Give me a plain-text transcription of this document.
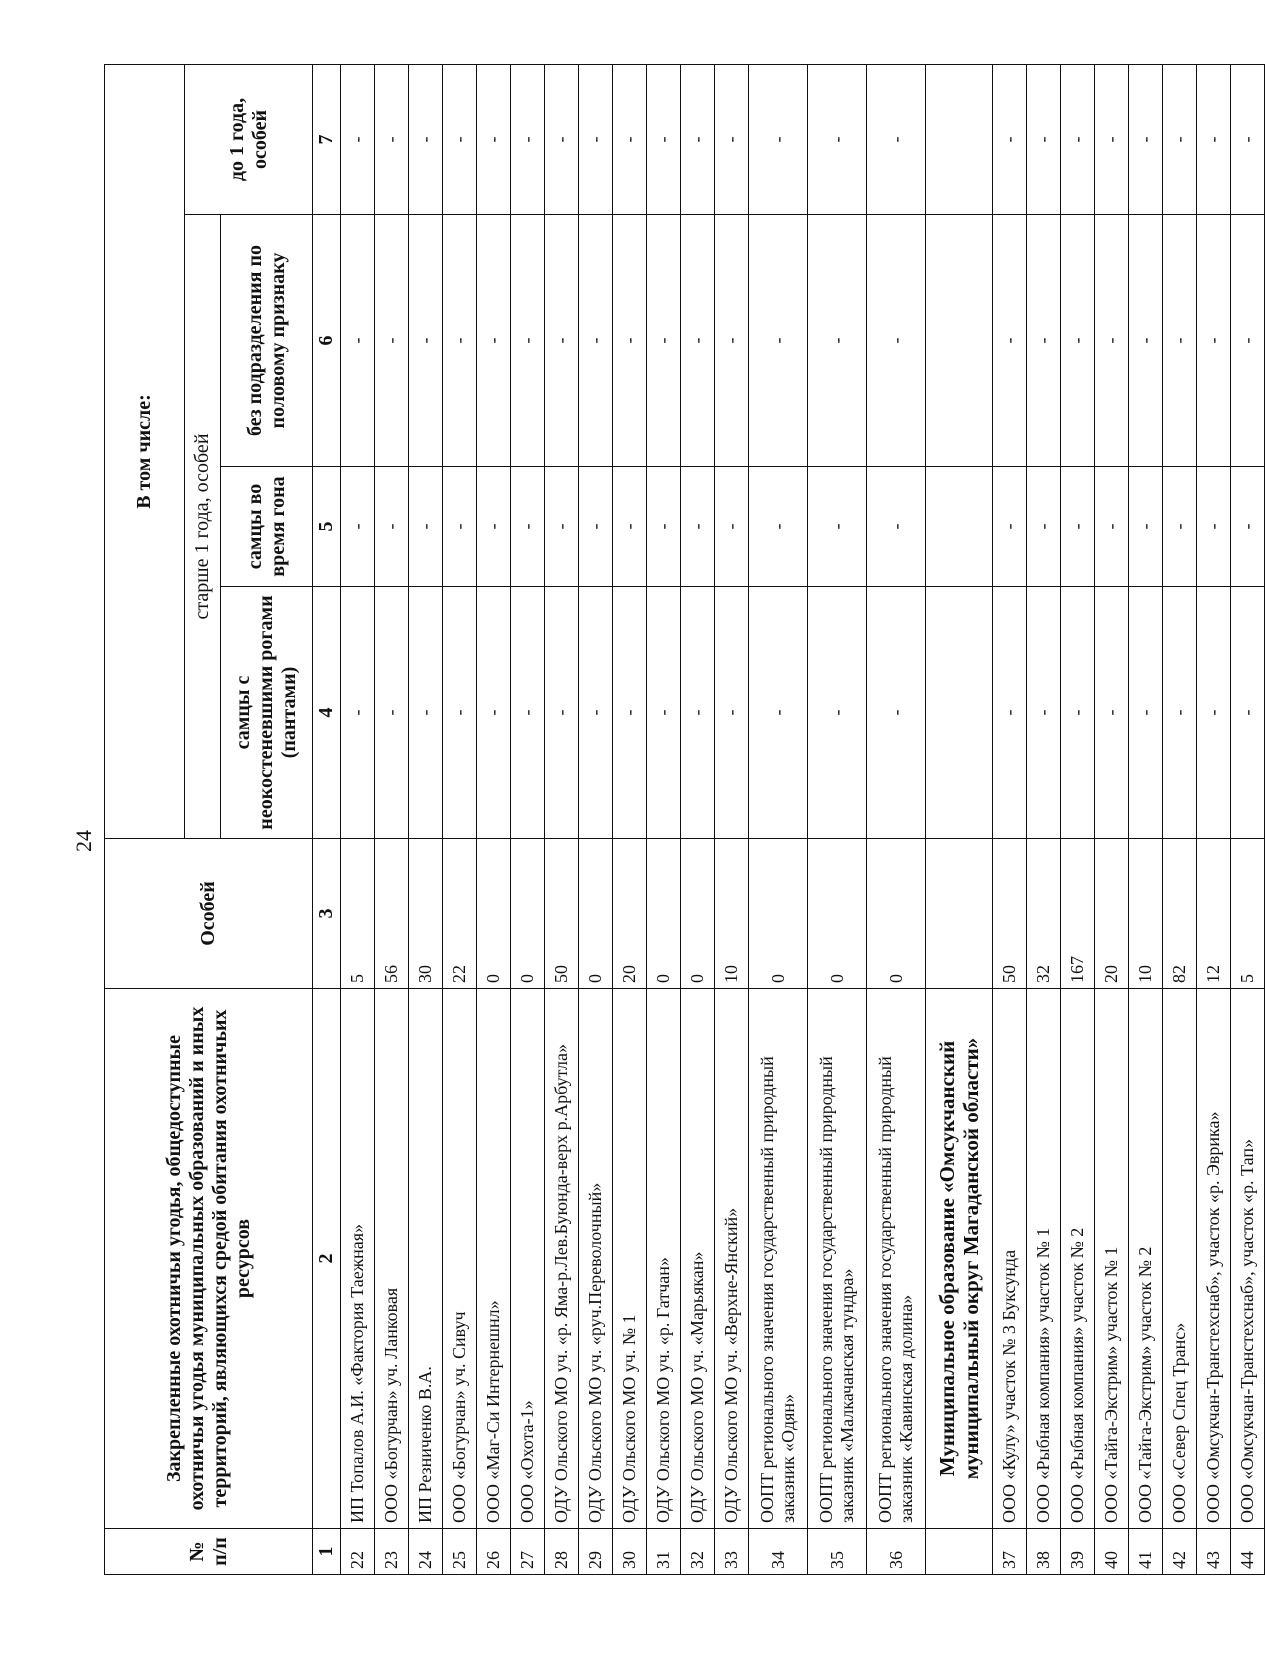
24
№ п/п	Закрепленные охотничьи угодья, общедоступные охотничьи угодья муниципальных образований и иных территорий, являющихся средой обитания охотничьих ресурсов	Особей	В том числе:			
			старше 1 года, особей			до 1 года, особей
			самцы с неокостеневшими рогами (пантами)	самцы во время гона	без подразделения по половому признаку	
1	2	3	4	5	6	7
22	ИП Топалов А.И. «Фактория Таежная»	5	-	-	-	-
23	ООО «Богурчан» уч. Ланковая	56	-	-	-	-
24	ИП Резниченко В.А.	30	-	-	-	-
25	ООО «Богурчан» уч. Сивуч	22	-	-	-	-
26	ООО «Маг-Си Интернешнл»	0	-	-	-	-
27	ООО «Охота-1»	0	-	-	-	-
28	ОДУ Ольского МО уч. «р. Яма-р.Лев.Буюнда-верх р.Арбутла»	50	-	-	-	-
29	ОДУ Ольского МО уч. «руч.Переволочный»	0	-	-	-	-
30	ОДУ Ольского МО уч. № 1	20	-	-	-	-
31	ОДУ Ольского МО уч. «р. Гатчан»	0	-	-	-	-
32	ОДУ Ольского МО уч. «Марьякан»	0	-	-	-	-
33	ОДУ Ольского МО уч. «Верхне-Янский»	10	-	-	-	-
34	ООПТ регионального значения государственный природный заказник «Одян»	0	-	-	-	-
35	ООПТ регионального значения государственный природный заказник «Малкачанская тундра»	0	-	-	-	-
36	ООПТ регионального значения государственный природный заказник «Кавинская долина»	0	-	-	-	-
	Муниципальное образование «Омсукчанский муниципальный округ Магаданской области»					
37	ООО «Кулу» участок № 3 Буксунда	50	-	-	-	-
38	ООО «Рыбная компания» участок № 1	32	-	-	-	-
39	ООО «Рыбная компания» участок № 2	167	-	-	-	-
40	ООО «Тайга-Экстрим» участок № 1	20	-	-	-	-
41	ООО «Тайга-Экстрим» участок № 2	10	-	-	-	-
42	ООО «Север Спец Транс»	82	-	-	-	-
43	ООО «Омсукчан-Транстехснаб», участок «р. Эврика»	12	-	-	-	-
44	ООО «Омсукчан-Транстехснаб», участок «р. Тап»	5	-	-	-	-
